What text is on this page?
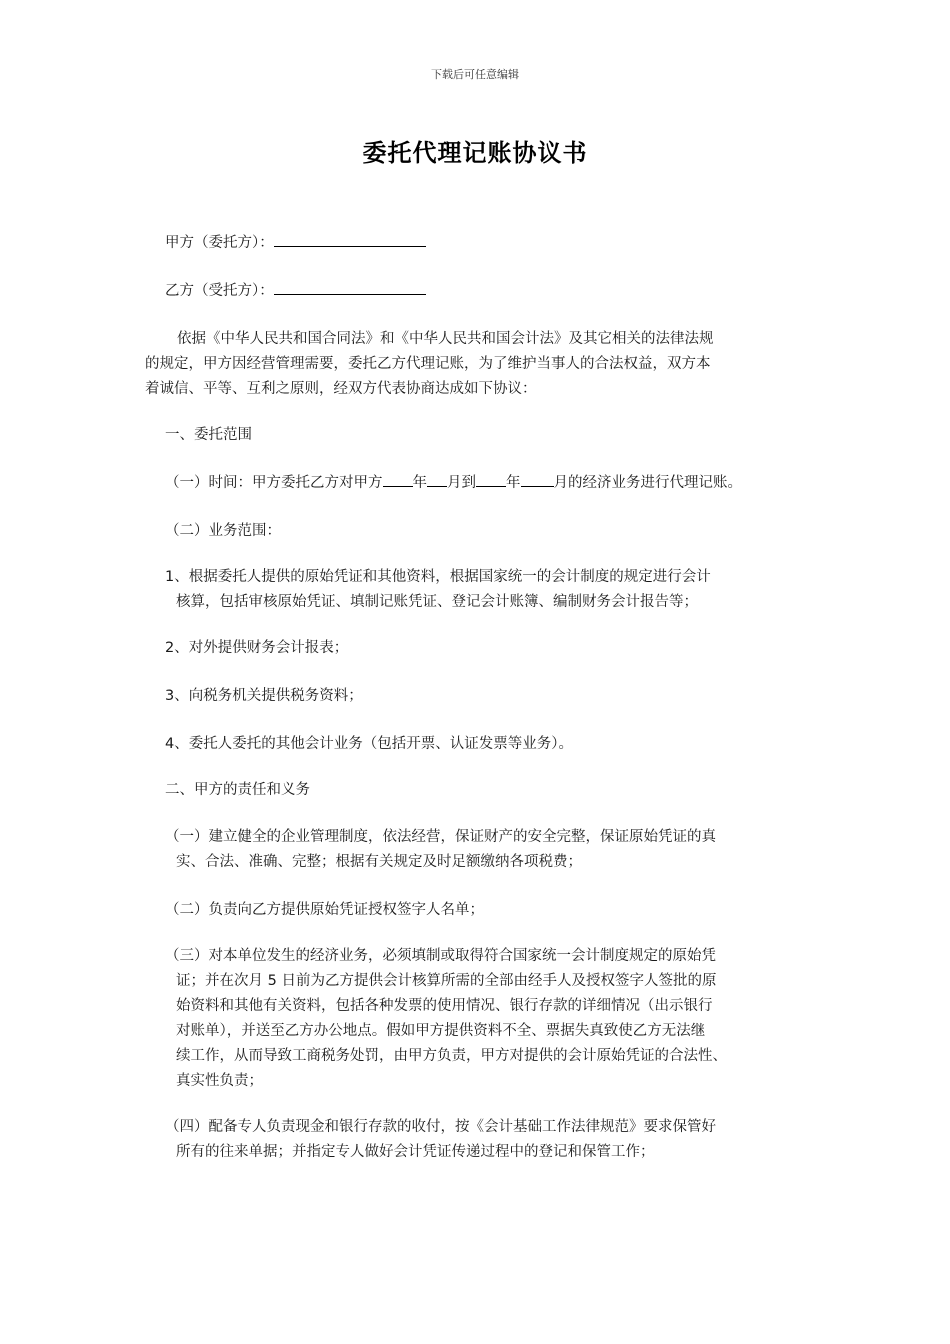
下载后可任意编辑
委托代理记账协议书
甲方（委托方）：
乙方（受托方）：
依据《中华人民共和国合同法》和《中华人民共和国会计法》及其它相关的法律法规
的规定，甲方因经营管理需要，委托乙方代理记账，为了维护当事人的合法权益，双方本
着诚信、平等、互利之原则，经双方代表协商达成如下协议：
一、委托范围
（一）时间：甲方委托乙方对甲方 年 月到 年 月的经济业务进行代理记账。
（二）业务范围：
1、根据委托人提供的原始凭证和其他资料，根据国家统一的会计制度的规定进行会计
核算，包括审核原始凭证、填制记账凭证、登记会计账簿、编制财务会计报告等；
2、对外提供财务会计报表；
3、向税务机关提供税务资料；
4、委托人委托的其他会计业务（包括开票、认证发票等业务）。
二、甲方的责任和义务
（一）建立健全的企业管理制度，依法经营，保证财产的安全完整，保证原始凭证的真
实、合法、准确、完整；根据有关规定及时足额缴纳各项税费；
（二）负责向乙方提供原始凭证授权签字人名单；
（三）对本单位发生的经济业务，必须填制或取得符合国家统一会计制度规定的原始凭
证；并在次月 5 日前为乙方提供会计核算所需的全部由经手人及授权签字人签批的原
始资料和其他有关资料，包括各种发票的使用情况、银行存款的详细情况（出示银行
对账单），并送至乙方办公地点。假如甲方提供资料不全、票据失真致使乙方无法继
续工作，从而导致工商税务处罚，由甲方负责，甲方对提供的会计原始凭证的合法性、
真实性负责；
（四）配备专人负责现金和银行存款的收付，按《会计基础工作法律规范》要求保管好
所有的往来单据；并指定专人做好会计凭证传递过程中的登记和保管工作；
